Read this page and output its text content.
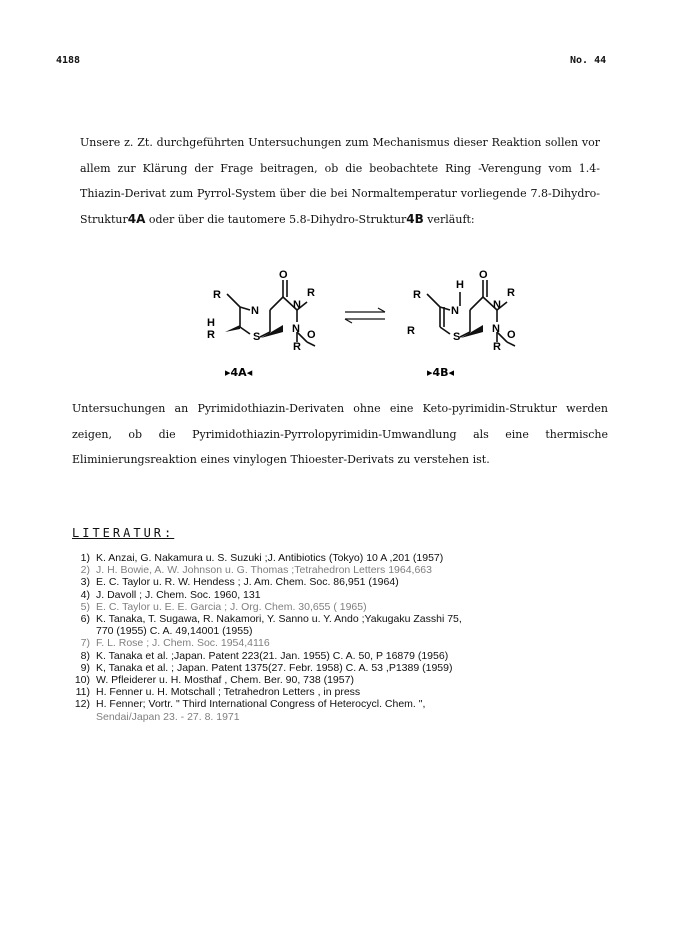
4188	No. 44
Unsere z. Zt. durchgeführten Untersuchungen zum Mechanismus dieser Reaktion sollen vor allem zur Klärung der Frage beitragen, ob die beobachtete Ring -Verengung vom 1.4-Thiazin-Derivat zum Pyrrol-System über die bei Normaltemperatur vorliegende 7.8-Dihydro-Struktur4A oder über die tautomere 5.8-Dihydro-Struktur4B verläuft:
R
N
O
R
N
H
R	S
N O
R
R
H
N
O
R
N
R	S
N O
R
▸4A◂	▸4B◂
Untersuchungen an Pyrimidothiazin-Derivaten ohne eine Keto-pyrimidin-Struktur werden zeigen, ob die Pyrimidothiazin-Pyrrolopyrimidin-Umwandlung als eine thermische Eliminierungsreaktion eines vinylogen Thioester-Derivats zu verstehen ist.
LITERATUR:
1) K. Anzai, G. Nakamura u. S. Suzuki ;J. Antibiotics (Tokyo) 10 A ,201 (1957)
2) J. H. Bowie, A. W. Johnson u. G. Thomas ;Tetrahedron Letters 1964,663
3) E. C. Taylor u. R. W. Hendess ; J. Am. Chem. Soc. 86,951 (1964)
4) J. Davoll ; J. Chem. Soc. 1960, 131
5) E. C. Taylor u. E. E. Garcia ; J. Org. Chem. 30,655 ( 1965)
6) K. Tanaka, T. Sugawa, R. Nakamori, Y. Sanno u. Y. Ando ;Yakugaku Zasshi 75,
770 (1955) C. A. 49,14001 (1955)
7) F. L. Rose ; J. Chem. Soc. 1954,4116
8) K. Tanaka et al. ;Japan. Patent 223(21. Jan. 1955) C. A. 50, P 16879 (1956)
9) K, Tanaka et al. ; Japan. Patent 1375(27. Febr. 1958) C. A. 53 ,P1389 (1959)
10) W. Pfleiderer u. H. Mosthaf , Chem. Ber. 90, 738 (1957)
11) H. Fenner u. H. Motschall ; Tetrahedron Letters , in press
12) H. Fenner; Vortr. " Third International Congress of Heterocycl. Chem. ",
Sendai/Japan 23. - 27. 8. 1971
